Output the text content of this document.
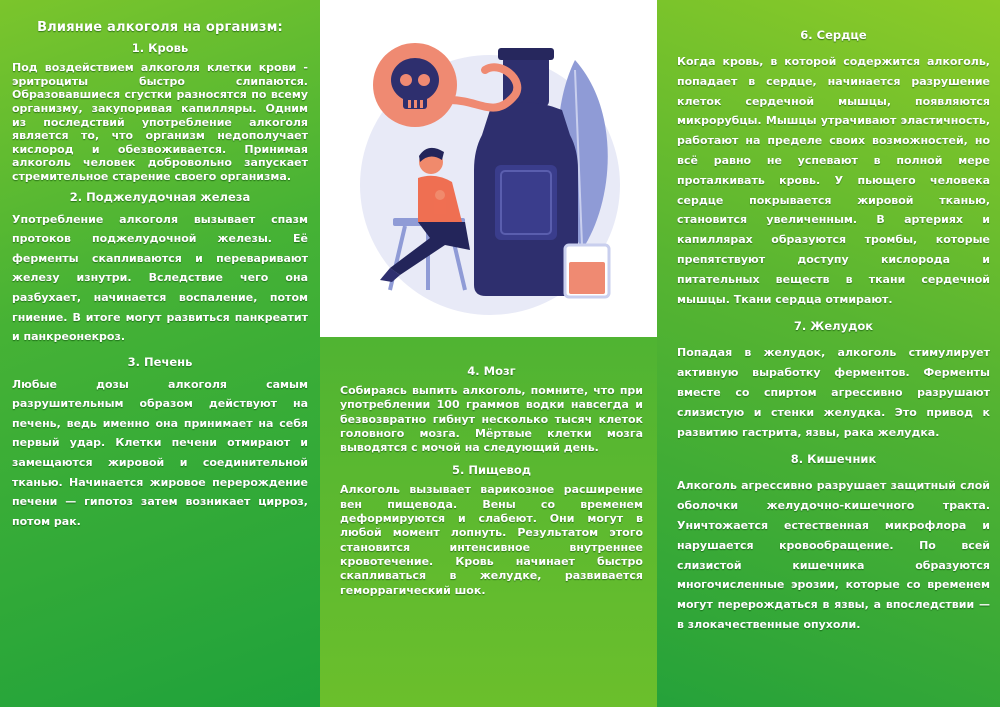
Влияние алкоголя на организм:
1. Кровь

Под воздействием алкоголя клетки крови - эритроциты быстро слипаются. Образовавшиеся сгустки разносятся по всему организму, закупоривая капилляры. Одним из последствий употребление алкоголя является то, что организм недополучает кислород и обезвоживается. Принимая алкоголь человек добровольно запускает стремительное старение своего организма.

2. Поджелудочная железа

Употребление алкоголя вызывает спазм протоков поджелудочной железы. Её ферменты скапливаются и переваривают железу изнутри. Вследствие чего она разбухает, начинается воспаление, потом гниение. В итоге могут развиться панкреатит и панкреонекроз.

3. Печень

Любые дозы алкоголя самым разрушительным образом действуют на печень, ведь именно она принимает на себя первый удар. Клетки печени отмирают и замещаются жировой и соединительной тканью. Начинается жировое перерождение печени — гипотоз затем возникает цирроз, потом рак.

4. Мозг

Собираясь выпить алкоголь, помните, что при употреблении 100 граммов водки навсегда и безвозвратно гибнут несколько тысяч клеток головного мозга. Мёртвые клетки мозга выводятся с мочой на следующий день.

5. Пищевод

Алкоголь вызывает варикозное расширение вен пищевода. Вены со временем деформируются и слабеют. Они могут в любой момент лопнуть. Результатом этого становится интенсивное внутреннее кровотечение. Кровь начинает быстро скапливаться в желудке, развивается геморрагический шок.

6. Сердце

Когда кровь, в которой содержится алкоголь, попадает в сердце, начинается разрушение клеток сердечной мышцы, появляются микрорубцы. Мышцы утрачивают эластичность, работают на пределе своих возможностей, но всё равно не успевают в полной мере проталкивать кровь. У пьющего человека сердце покрывается жировой тканью, становится увеличенным. В артериях и капиллярах образуются тромбы, которые препятствуют доступу кислорода и питательных веществ в ткани сердечной мышцы. Ткани сердца отмирают.

7. Желудок

Попадая в желудок, алкоголь стимулирует активную выработку ферментов. Ферменты вместе со спиртом агрессивно разрушают слизистую и стенки желудка. Это привод к развитию гастрита, язвы, рака желудка.

8. Кишечник

Алкоголь агрессивно разрушает защитный слой оболочки желудочно-кишечного тракта. Уничтожается естественная микрофлора и нарушается кровообращение. По всей слизистой кишечника образуются многочисленные эрозии, которые со временем могут перерождаться в язвы, а впоследствии — в злокачественные опухоли.
